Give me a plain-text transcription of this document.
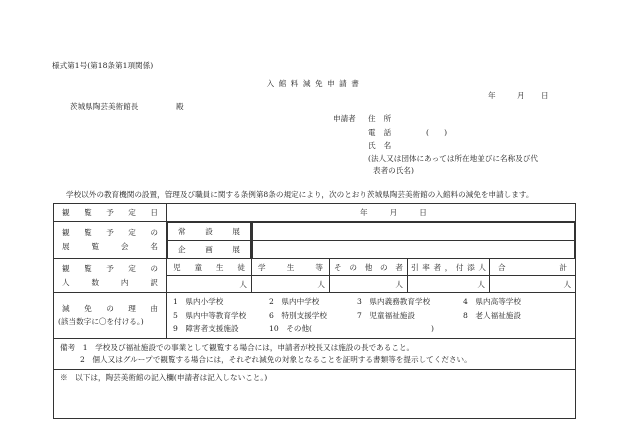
様式第1号(第18条第1項関係)
入館料減免申請書
年	月 日
茨城県陶芸美術館長	殿
申請者 住所
電話	(　　)
氏名
(法人又は団体にあっては所在地並びに名称及び代
表者の氏名)
学校以外の教育機関の設置，管理及び職員に関する条例第8条の規定により，次のとおり茨城県陶芸美術館の入館料の減免を申請します。
観覧予定日	年	月	日

観覧予定の
展覧会名

常設展
企画展

観覧予定の
人数内訳
	児童生徒	学生等	その他の者	引率者，付添人	合計
人	人	人	人	人

減免の理由
(該当数字に〇を付ける。)

1　県内小学校	2　県内中学校	3　県内義務教育学校	4　県内高等学校
5　県内中等教育学校	6　特別支援学校	7　児童福祉施設	8　老人福祉施設
9　障害者支援施設	10　その他(	)

備考　1　学校及び福祉施設での事業として観覧する場合には，申請者が校長又は施設の長であること。
2　個人又はグループで観覧する場合には，それぞれ減免の対象となることを証明する書類等を提示してください。

※　以下は，陶芸美術館の記入欄(申請者は記入しないこと。)
